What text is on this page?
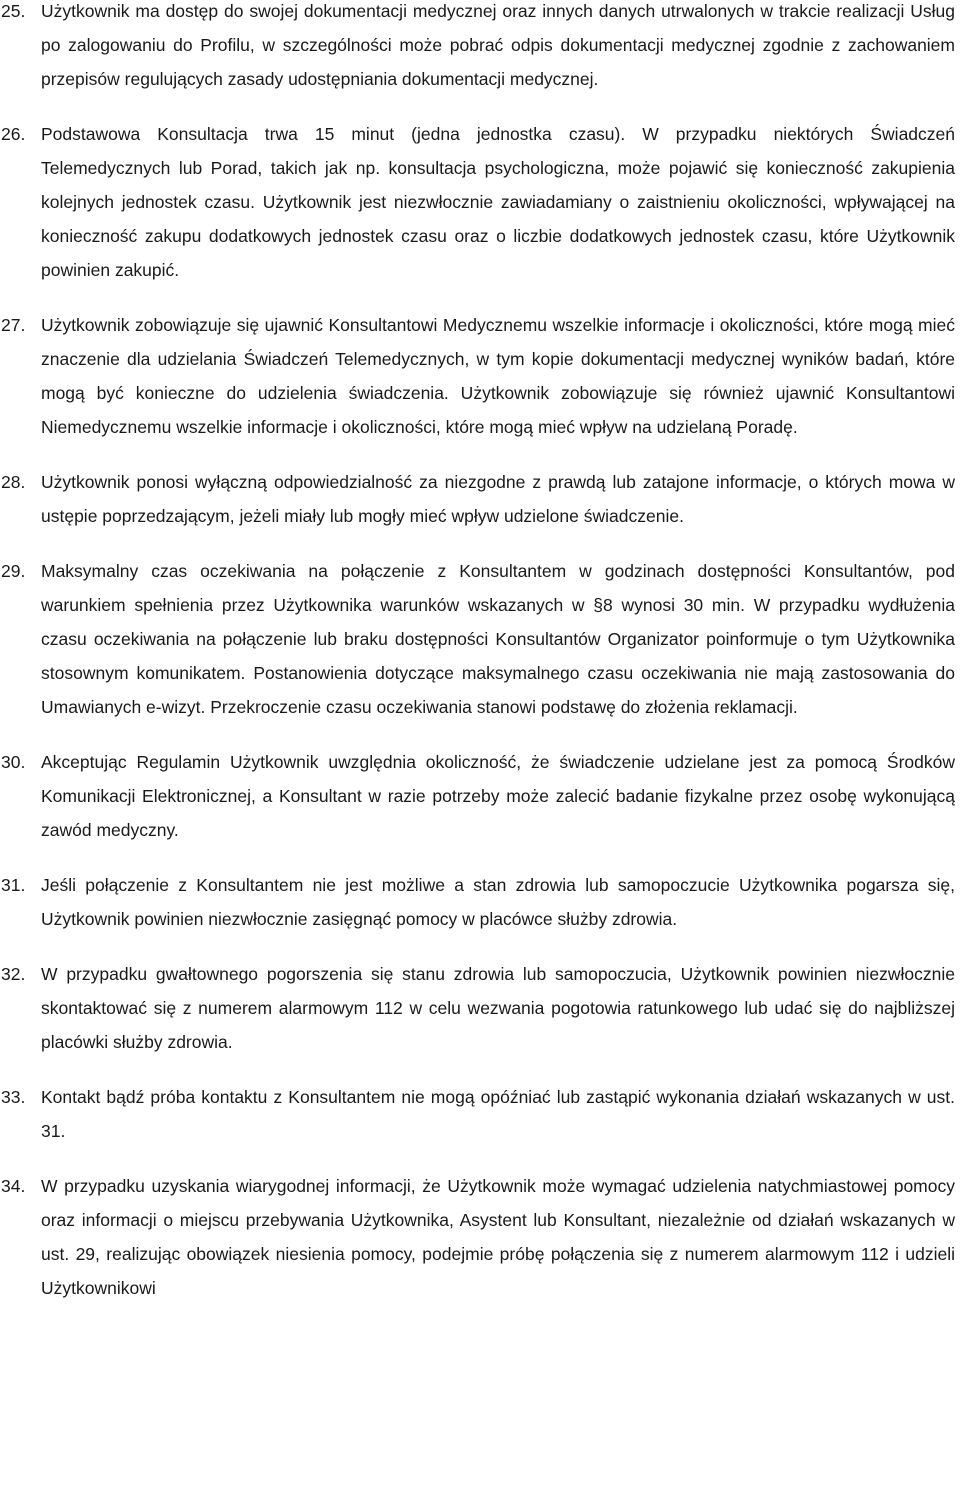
25. Użytkownik ma dostęp do swojej dokumentacji medycznej oraz innych danych utrwalonych w trakcie realizacji Usług po zalogowaniu do Profilu, w szczególności może pobrać odpis dokumentacji medycznej zgodnie z zachowaniem przepisów regulujących zasady udostępniania dokumentacji medycznej.
26. Podstawowa Konsultacja trwa 15 minut (jedna jednostka czasu). W przypadku niektórych Świadczeń Telemedycznych lub Porad, takich jak np. konsultacja psychologiczna, może pojawić się konieczność zakupienia kolejnych jednostek czasu. Użytkownik jest niezwłocznie zawiadamiany o zaistnieniu okoliczności, wpływającej na konieczność zakupu dodatkowych jednostek czasu oraz o liczbie dodatkowych jednostek czasu, które Użytkownik powinien zakupić.
27. Użytkownik zobowiązuje się ujawnić Konsultantowi Medycznemu wszelkie informacje i okoliczności, które mogą mieć znaczenie dla udzielania Świadczeń Telemedycznych, w tym kopie dokumentacji medycznej wyników badań, które mogą być konieczne do udzielenia świadczenia. Użytkownik zobowiązuje się również ujawnić Konsultantowi Niemedycznemu wszelkie informacje i okoliczności, które mogą mieć wpływ na udzielaną Poradę.
28. Użytkownik ponosi wyłączną odpowiedzialność za niezgodne z prawdą lub zatajone informacje, o których mowa w ustępie poprzedzającym, jeżeli miały lub mogły mieć wpływ udzielone świadczenie.
29. Maksymalny czas oczekiwania na połączenie z Konsultantem w godzinach dostępności Konsultantów, pod warunkiem spełnienia przez Użytkownika warunków wskazanych w §8 wynosi 30 min. W przypadku wydłużenia czasu oczekiwania na połączenie lub braku dostępności Konsultantów Organizator poinformuje o tym Użytkownika stosownym komunikatem. Postanowienia dotyczące maksymalnego czasu oczekiwania nie mają zastosowania do Umawianych e-wizyt. Przekroczenie czasu oczekiwania stanowi podstawę do złożenia reklamacji.
30. Akceptując Regulamin Użytkownik uwzględnia okoliczność, że świadczenie udzielane jest za pomocą Środków Komunikacji Elektronicznej, a Konsultant w razie potrzeby może zalecić badanie fizykalne przez osobę wykonującą zawód medyczny.
31. Jeśli połączenie z Konsultantem nie jest możliwe a stan zdrowia lub samopoczucie Użytkownika pogarsza się, Użytkownik powinien niezwłocznie zasięgnąć pomocy w placówce służby zdrowia.
32. W przypadku gwałtownego pogorszenia się stanu zdrowia lub samopoczucia, Użytkownik powinien niezwłocznie skontaktować się z numerem alarmowym 112 w celu wezwania pogotowia ratunkowego lub udać się do najbliższej placówki służby zdrowia.
33. Kontakt bądź próba kontaktu z Konsultantem nie mogą opóźniać lub zastąpić wykonania działań wskazanych w ust. 31.
34. W przypadku uzyskania wiarygodnej informacji, że Użytkownik może wymagać udzielenia natychmiastowej pomocy oraz informacji o miejscu przebywania Użytkownika, Asystent lub Konsultant, niezależnie od działań wskazanych w ust. 29, realizując obowiązek niesienia pomocy, podejmie próbę połączenia się z numerem alarmowym 112 i udzieli Użytkownikowi
